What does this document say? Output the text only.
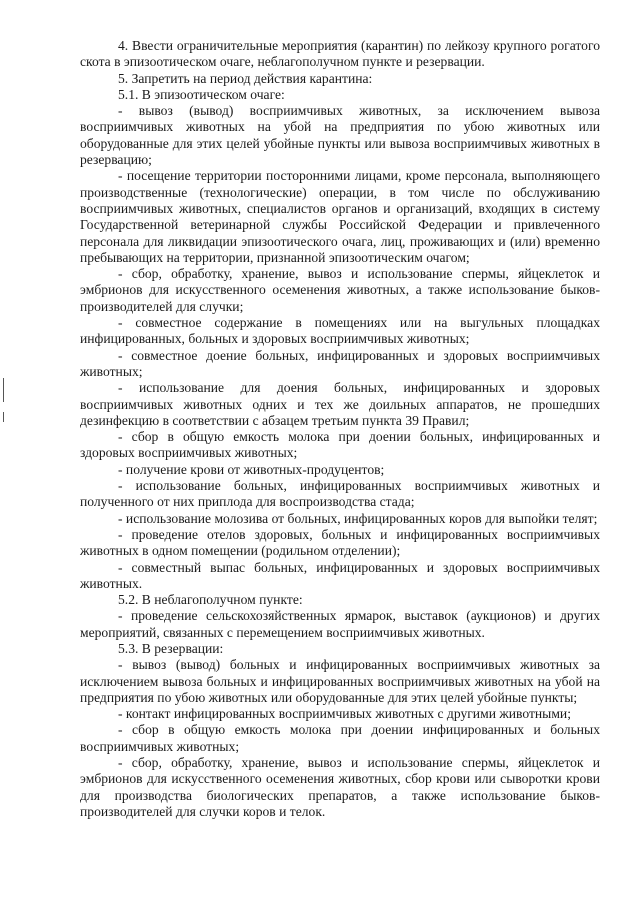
4. Ввести ограничительные мероприятия (карантин) по лейкозу крупного рогатого скота в эпизоотическом очаге, неблагополучном пункте и резервации.

5. Запретить на период действия карантина:

5.1. В эпизоотическом очаге:

- вывоз (вывод) восприимчивых животных, за исключением вывоза восприимчивых животных на убой на предприятия по убою животных или оборудованные для этих целей убойные пункты или вывоза восприимчивых животных в резервацию;

- посещение территории посторонними лицами, кроме персонала, выполняющего производственные (технологические) операции, в том числе по обслуживанию восприимчивых животных, специалистов органов и организаций, входящих в систему Государственной ветеринарной службы Российской Федерации и привлеченного персонала для ликвидации эпизоотического очага, лиц, проживающих и (или) временно пребывающих на территории, признанной эпизоотическим очагом;

- сбор, обработку, хранение, вывоз и использование спермы, яйцеклеток и эмбрионов для искусственного осеменения животных, а также использование быков-производителей для случки;

- совместное содержание в помещениях или на выгульных площадках инфицированных, больных и здоровых восприимчивых животных;

- совместное доение больных, инфицированных и здоровых восприимчивых животных;

- использование для доения больных, инфицированных и здоровых восприимчивых животных одних и тех же доильных аппаратов, не прошедших дезинфекцию в соответствии с абзацем третьим пункта 39 Правил;

- сбор в общую емкость молока при доении больных, инфицированных и здоровых восприимчивых животных;

- получение крови от животных-продуцентов;

- использование больных, инфицированных восприимчивых животных и полученного от них приплода для воспроизводства стада;

- использование молозива от больных, инфицированных коров для выпойки телят;

- проведение отелов здоровых, больных и инфицированных восприимчивых животных в одном помещении (родильном отделении);

- совместный выпас больных, инфицированных и здоровых восприимчивых животных.

5.2. В неблагополучном пункте:

- проведение сельскохозяйственных ярмарок, выставок (аукционов) и других мероприятий, связанных с перемещением восприимчивых животных.

5.3. В резервации:

- вывоз (вывод) больных и инфицированных восприимчивых животных за исключением вывоза больных и инфицированных восприимчивых животных на убой на предприятия по убою животных или оборудованные для этих целей убойные пункты;

- контакт инфицированных восприимчивых животных с другими животными;

- сбор в общую емкость молока при доении инфицированных и больных восприимчивых животных;

- сбор, обработку, хранение, вывоз и использование спермы, яйцеклеток и эмбрионов для искусственного осеменения животных, сбор крови или сыворотки крови для производства биологических препаратов, а также использование быков-производителей для случки коров и телок.
